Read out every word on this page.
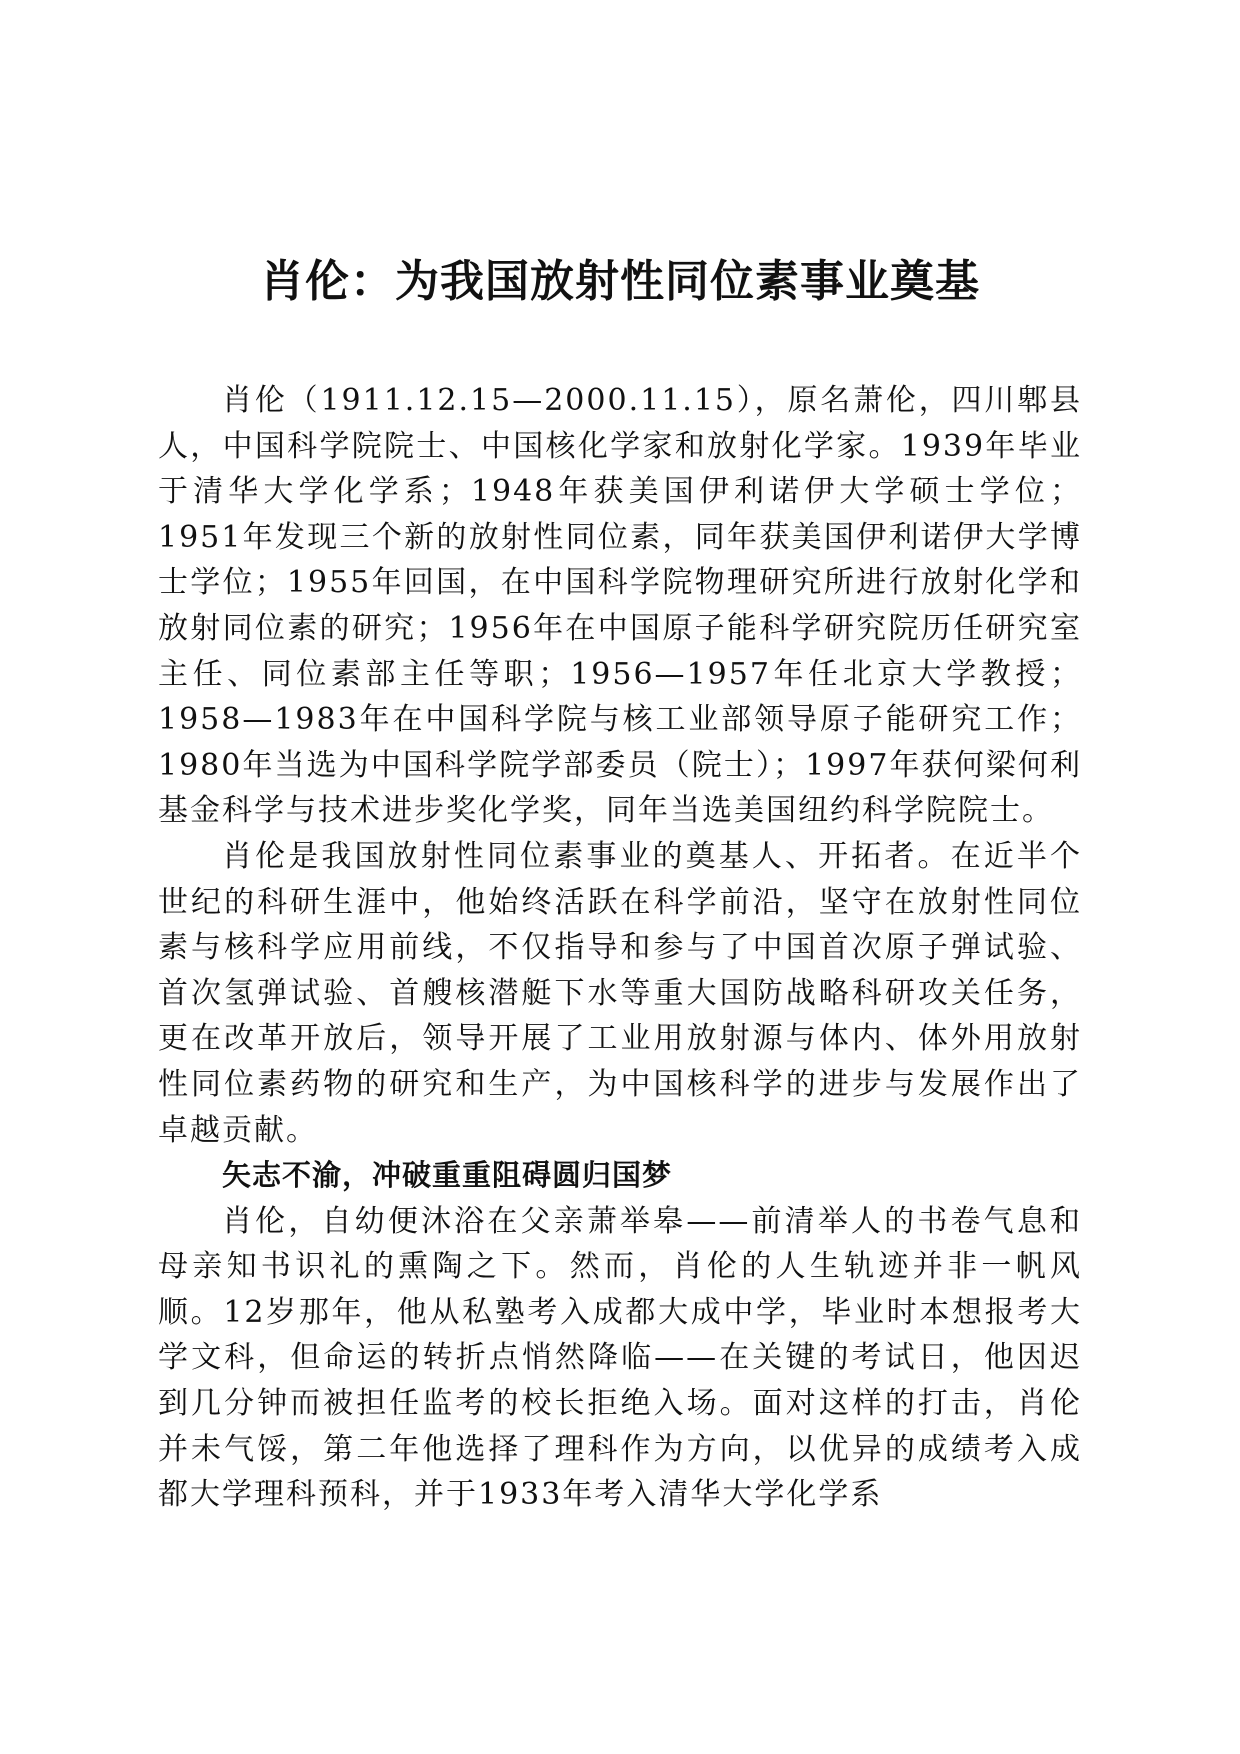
肖伦：为我国放射性同位素事业奠基

肖伦（1911.12.15—2000.11.15），原名萧伦，四川郫县人，中国科学院院士、中国核化学家和放射化学家。1939年毕业于清华大学化学系；1948年获美国伊利诺伊大学硕士学位；1951年发现三个新的放射性同位素，同年获美国伊利诺伊大学博士学位；1955年回国，在中国科学院物理研究所进行放射化学和放射同位素的研究；1956年在中国原子能科学研究院历任研究室主任、同位素部主任等职；1956—1957年任北京大学教授；1958—1983年在中国科学院与核工业部领导原子能研究工作；1980年当选为中国科学院学部委员（院士）；1997年获何梁何利基金科学与技术进步奖化学奖，同年当选美国纽约科学院院士。

肖伦是我国放射性同位素事业的奠基人、开拓者。在近半个世纪的科研生涯中，他始终活跃在科学前沿，坚守在放射性同位素与核科学应用前线，不仅指导和参与了中国首次原子弹试验、首次氢弹试验、首艘核潜艇下水等重大国防战略科研攻关任务，更在改革开放后，领导开展了工业用放射源与体内、体外用放射性同位素药物的研究和生产，为中国核科学的进步与发展作出了卓越贡献。

矢志不渝，冲破重重阻碍圆归国梦

肖伦，自幼便沐浴在父亲萧举皋——前清举人的书卷气息和母亲知书识礼的熏陶之下。然而，肖伦的人生轨迹并非一帆风顺。12岁那年，他从私塾考入成都大成中学，毕业时本想报考大学文科，但命运的转折点悄然降临——在关键的考试日，他因迟到几分钟而被担任监考的校长拒绝入场。面对这样的打击，肖伦并未气馁，第二年他选择了理科作为方向，以优异的成绩考入成都大学理科预科，并于1933年考入清华大学化学系
